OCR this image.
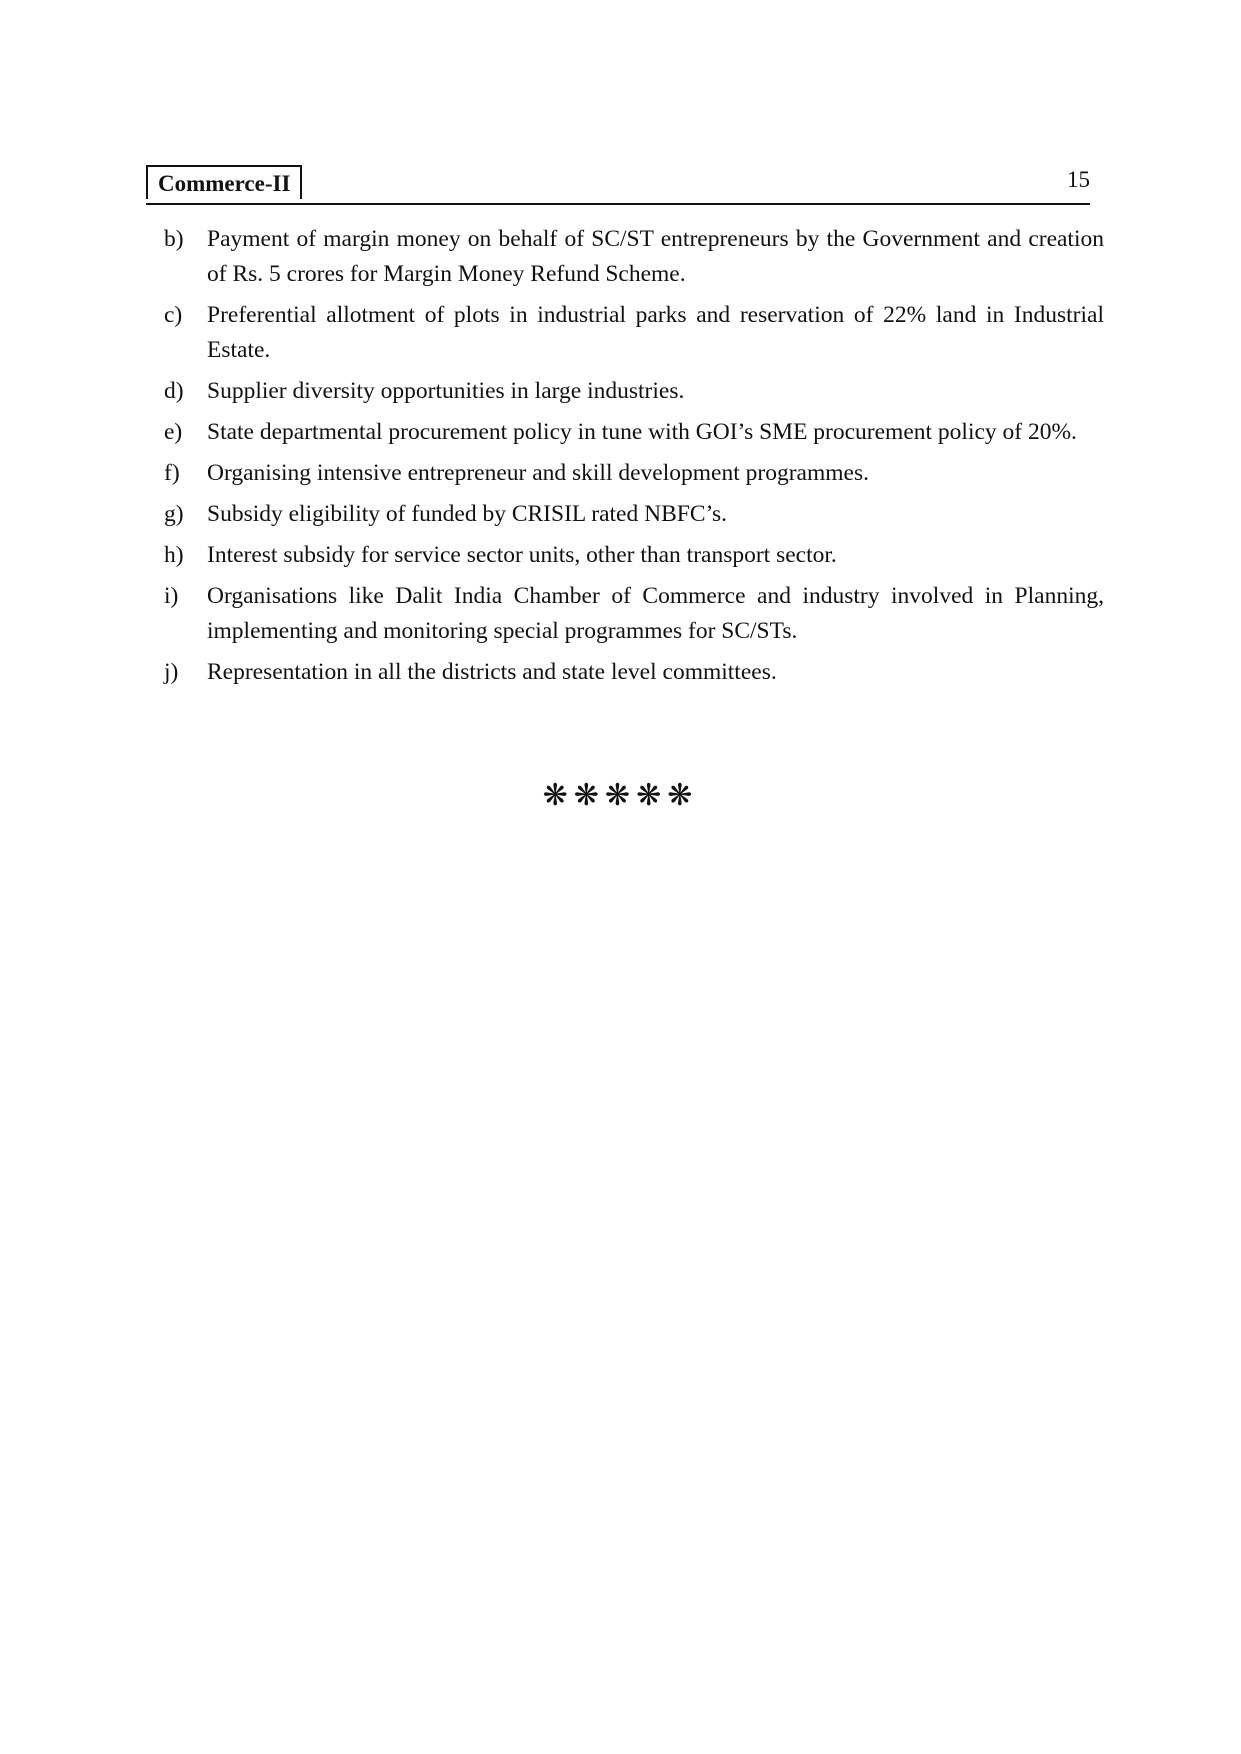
Commerce-II	15
b) Payment of margin money on behalf of SC/ST entrepreneurs by the Government and creation of Rs. 5 crores for Margin Money Refund Scheme.
c)	Preferential allotment of plots in industrial parks and reservation of 22% land in Industrial Estate.
d) Supplier diversity opportunities in large industries.
e)	State departmental procurement policy in tune with GOI’s SME procurement policy of 20%.
f)	Organising intensive entrepreneur and skill development programmes.
g) Subsidy eligibility of funded by CRISIL rated NBFC’s.
h) Interest subsidy for service sector units, other than transport sector.
i)	Organisations like Dalit India Chamber of Commerce and industry involved in Planning, implementing and monitoring special programmes for SC/STs.
j)	Representation in all the districts and state level committees.
❋❋❋❋❋
